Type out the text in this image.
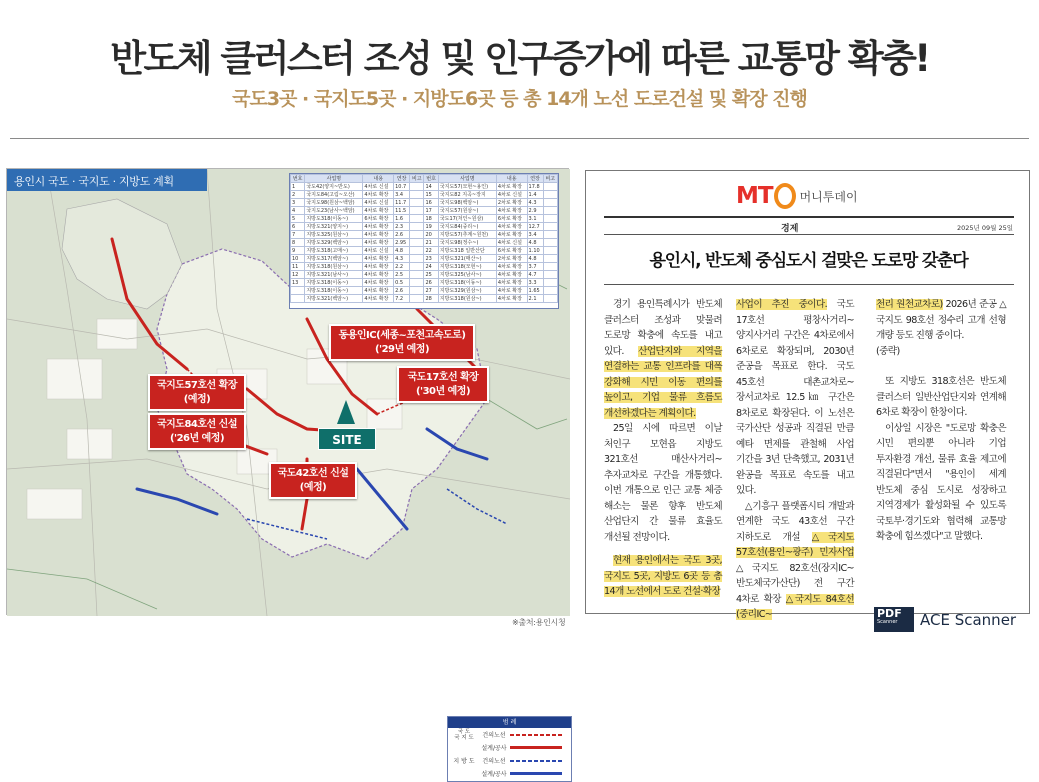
반도체 클러스터 조성 및 인구증가에 따른 교통망 확충!
국도3곳 · 국지도5곳 · 지방도6곳 등 총 14개 노선 도로건설 및 확장 진행
용인시 국도 · 국지도 · 지방도 계획	번호	사업명	내용	연장	비고	번호	사업명	내용	연장	비고
1	국도42(양지~반도)	4차로 신설	10.7		14	국지도57(모현~용인)	4차로 확장	17.8	
2	국지도84(고림~오산)	4차로 확장	3.4		15	국지도82 지곡~장지	4차로 신설	1.4	
3	국지도98(원삼~백암)	4차로 신설	11.7		16	국지도98(백암~)	2차로 확장	4.3	
4	국지도23(남사~백암)	4차로 확장	11.5		17	국지도57(원삼~)	4차로 확장	2.9	
5	지방도318(이동~)	6차로 확장	1.6		18	국도17(처인~원삼)	6차로 확장	3.1	
6	지방도321(양지~)	4차로 확장	2.3		19	국지도84(중리~)	4차로 확장	12.7	
7	지방도325(원삼~)	4차로 확장	2.6		20	지방도57(추계~원천)	4차로 확장	3.4	
8	지방도329(백암~)	4차로 확장	2.95		21	국지도98(정수~)	4차로 신설	4.8	
9	지방도318(고매~)	4차로 신설	4.8		22	지방도318 일반산단	6차로 확장	1.10	
10	지방도317(백암~)	4차로 확장	4.3		23	지방도321(매산~)	2차로 확장	4.8	
11	지방도318(원삼~)	4차로 확장	2.2		24	지방도318(모현~)	4차로 확장	3.7	
12	지방도321(남사~)	4차로 확장	2.5		25	지방도325(남사~)	4차로 확장	4.7	
13	지방도318(이동~)	4차로 확장	0.5		26	지방도318(이동~)	4차로 확장	3.3	
	지방도318(이동~)	4차로 확장	2.6		27	지방도329(원삼~)	4차로 확장	1.65	
	지방도321(백암~)	4차로 확장	7.2		28	지방도318(원삼~)	4차로 확장	2.1	
동용인IC(세종~포천고속도로)
('29년 예정)
국지도57호선 확장
(예정)
국도17호선 확장
('30년 예정)
국지도84호선 신설
('26년 예정)
국도42호선 신설
(예정)
범 례
국 도
국 지 도	건의노선
설계/공사
지 방 도	건의노선
설계/공사
SITE
※출처:용인시청
MT 머니투데이
경제	2025년 09월 25일
용인시, 반도체 중심도시 걸맞은 도로망 갖춘다

경기 용인특례시가 반도체 클러스터 조성과 맞물려 도로망 확충에 속도를 내고 있다. 산업단지와 지역을 연결하는 교통 인프라를 대폭 강화해 시민 이동 편의를 높이고, 기업 물류 흐름도 개선하겠다는 계획이다.

25일 시에 따르면 이날 처인구 모현읍 지방도 321호선 매산사거리~추자교차로 구간을 개통했다. 이번 개통으로 인근 교통 체증 해소는 물론 향후 반도체 산업단지 간 물류 효율도 개선될 전망이다.

현재 용인에서는 국도 3곳, 국지도 5곳, 지방도 6곳 등 총 14개 노선에서 도로 건설·확장

사업이 추진 중이다. 국도 17호선 평창사거리~양지사거리 구간은 4차로에서 6차로로 확장되며, 2030년 준공을 목표로 한다. 국도 45호선 대촌교차로~장서교차로 12.5㎞ 구간은 8차로로 확장된다. 이 노선은 국가산단 성공과 직결된 만큼 예타 면제를 관철해 사업 기간을 3년 단축했고, 2031년 완공을 목표로 속도를 내고 있다.

△기흥구 플랫폼시티 개발과 연계한 국도 43호선 구간 지하도로 개설 △국지도 57호선(용인~광주) 민자사업 △국지도 82호선(장지IC~반도체국가산단) 전 구간 4차로 확장 △국지도 84호선(중리IC~

천리 원천교차로) 2026년 준공 △국지도 98호선 정수리 고개 선형 개량 등도 진행 중이다.

(중략)

또 지방도 318호선은 반도체 클러스터 일반산업단지와 연계해 6차로 확장이 한창이다.

이상일 시장은 "도로망 확충은 시민 편의뿐 아니라 기업 투자환경 개선, 물류 효율 제고에 직결된다"면서 "용인이 세계 반도체 중심 도시로 성장하고 지역경제가 활성화될 수 있도록 국토부·경기도와 협력해 교통망 확충에 힘쓰겠다"고 말했다.

PDF
Scanner	ACE Scanner
